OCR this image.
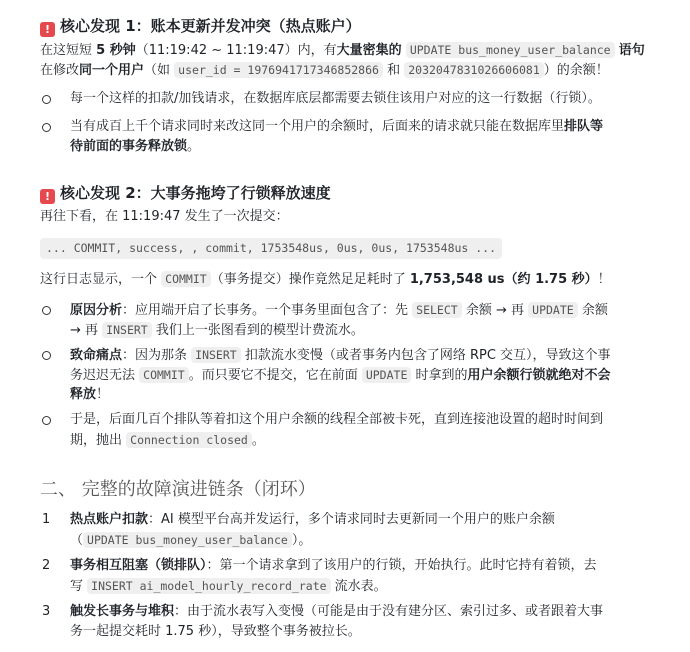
! 核心发现 1：账本更新并发冲突（热点账户）
在这短短 5 秒钟（11:19:42 ~ 11:19:47）内，有大量密集的 UPDATE bus_money_user_balance 语句
在修改同一个用户（如 user_id = 1976941717346852866 和 2032047831026606081 ）的余额！
每一个这样的扣款/加钱请求，在数据库底层都需要去锁住该用户对应的这一行数据（行锁）。
当有成百上千个请求同时来改这同一个用户的余额时，后面来的请求就只能在数据库里排队等
待前面的事务释放锁。
! 核心发现 2：大事务拖垮了行锁释放速度
再往下看，在 11:19:47 发生了一次提交：
... COMMIT, success, , commit, 1753548us, 0us, 0us, 1753548us ...
这行日志显示，一个 COMMIT （事务提交）操作竟然足足耗时了 1,753,548 us（约 1.75 秒）！
原因分析：应用端开启了长事务。一个事务里面包含了：先 SELECT 余额 → 再 UPDATE 余额
→ 再 INSERT 我们上一张图看到的模型计费流水。
致命痛点：因为那条 INSERT 扣款流水变慢（或者事务内包含了网络 RPC 交互），导致这个事
务迟迟无法 COMMIT 。而只要它不提交，它在前面 UPDATE 时拿到的用户余额行锁就绝对不会
释放！
于是，后面几百个排队等着扣这个用户余额的线程全部被卡死，直到连接池设置的超时时间到
期，抛出 Connection closed 。
二、 完整的故障演进链条（闭环）
1 热点账户扣款：AI 模型平台高并发运行，多个请求同时去更新同一个用户的账户余额
（ UPDATE bus_money_user_balance ）。
2 事务相互阻塞（锁排队）：第一个请求拿到了该用户的行锁，开始执行。此时它持有着锁，去
写 INSERT ai_model_hourly_record_rate 流水表。
3 触发长事务与堆积：由于流水表写入变慢（可能是由于没有建分区、索引过多、或者跟着大事
务一起提交耗时 1.75 秒），导致整个事务被拉长。
